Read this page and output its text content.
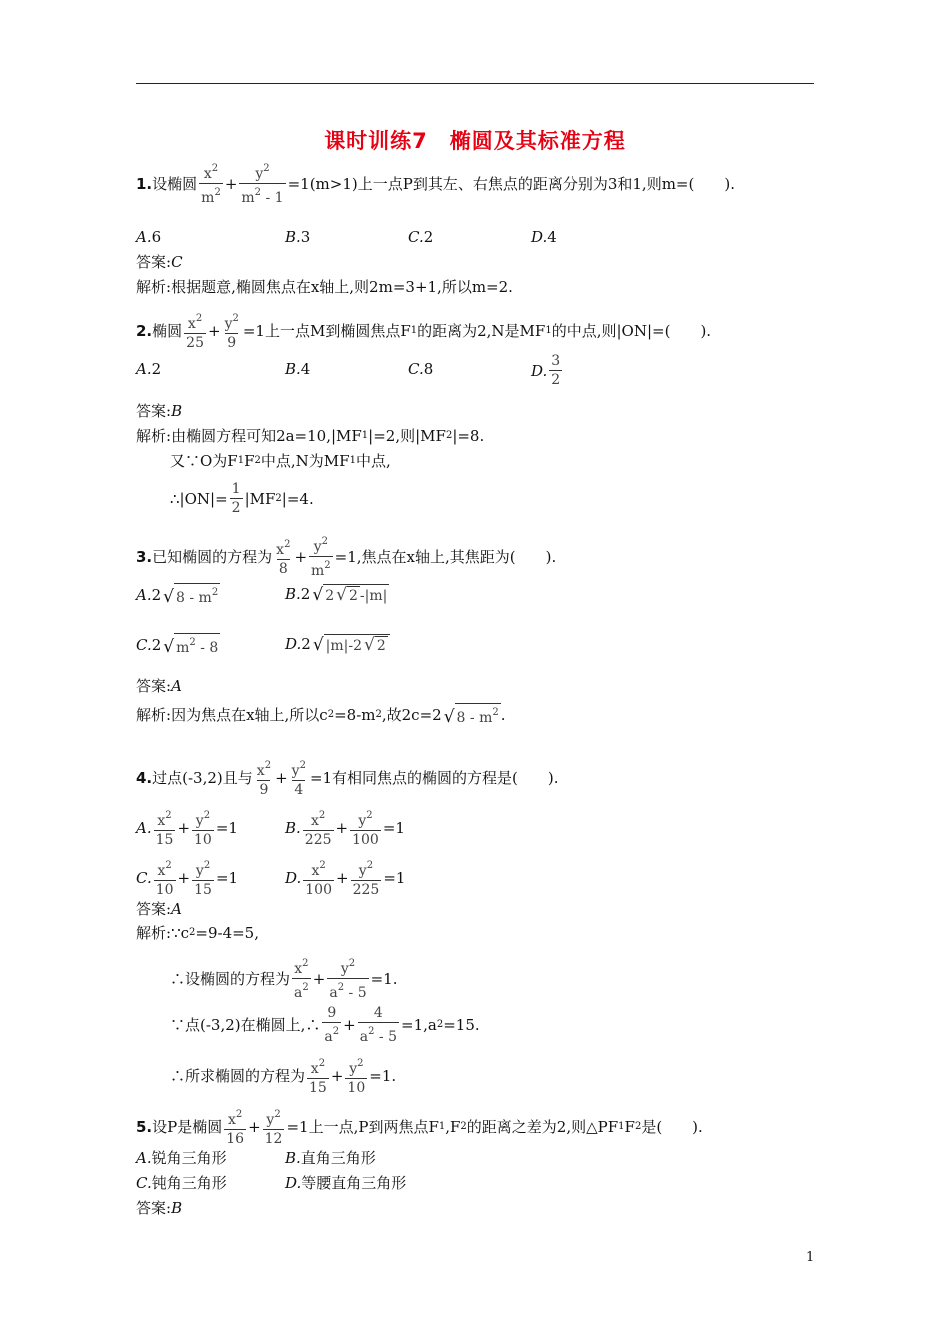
课时训练7　椭圆及其标准方程
1. 设椭圆 $\frac{x^2}{m^2} + \frac{y^2}{m^2 - 1} =1(m>1)$上一点P到其左、右焦点的距离分别为3和1,则m=(　　).
A. 6	B. 3	C. 2	D. 4
答案: C
解析: 根据题意,椭圆焦点在x轴上,则2m=3+1,所以m=2.
2. 椭圆 $\frac{x^2}{25} + \frac{y^2}{9} =1$上一点M到椭圆焦点F 1 的距离为2,N是MF 1 的中点,则|ON|=(　　).
A. 2	B. 4	C. 8	D. $\frac{3}{2}$
答案: B
解析: 由椭圆方程可知2a=10,|MF 1 |=2,则|MF 2 |=8.
又∵O为F 1 F 2 中点,N为MF 1 中点,
∴|ON|= $\frac{1}{2} |MF$ 2 |=4.
3. 已知椭圆的方程为 $\frac{x^2}{8} + \frac{y^2}{m^2} =1$,焦点在x轴上,其焦距为(　　).
A. 2 √ $8 - m^2$	B. 2 √ 2 √ 2 -|m|
C. 2 √ $m^2 - 8$	D. 2 √ |m|-2 √ 2
答案: A
解析: 因为焦点在x轴上,所以c 2 =8-m 2 ,故2c=2 √ $8 - m^2$ .
4. 过点(-3,2)且与 $\frac{x^2}{9} + \frac{y^2}{4} =1$有相同焦点的椭圆的方程是(　　).
A. $\frac{x^2}{15} + \frac{y^2}{10} =1$	B. $\frac{x^2}{225} + \frac{y^2}{100} =1$
C. $\frac{x^2}{10} + \frac{y^2}{15} =1$	D. $\frac{x^2}{100} + \frac{y^2}{225} =1$
答案: A
解析: ∵c 2 =9-4=5,
∴设椭圆的方程为 $\frac{x^2}{a^2} + \frac{y^2}{a^2 - 5} =1$.
∵点(-3,2)在椭圆上,∴ $\frac{9}{a^2} + \frac{4}{a^2 - 5} =1,a$ 2 =15.
∴所求椭圆的方程为 $\frac{x^2}{15} + \frac{y^2}{10} =1$.
5. 设P是椭圆 $\frac{x^2}{16} + \frac{y^2}{12} =1$上一点,P到两焦点F 1 ,F 2 的距离之差为2,则△PF 1 F 2 是(　　).
A. 锐角三角形	B. 直角三角形
C. 钝角三角形	D. 等腰直角三角形
答案: B
1
